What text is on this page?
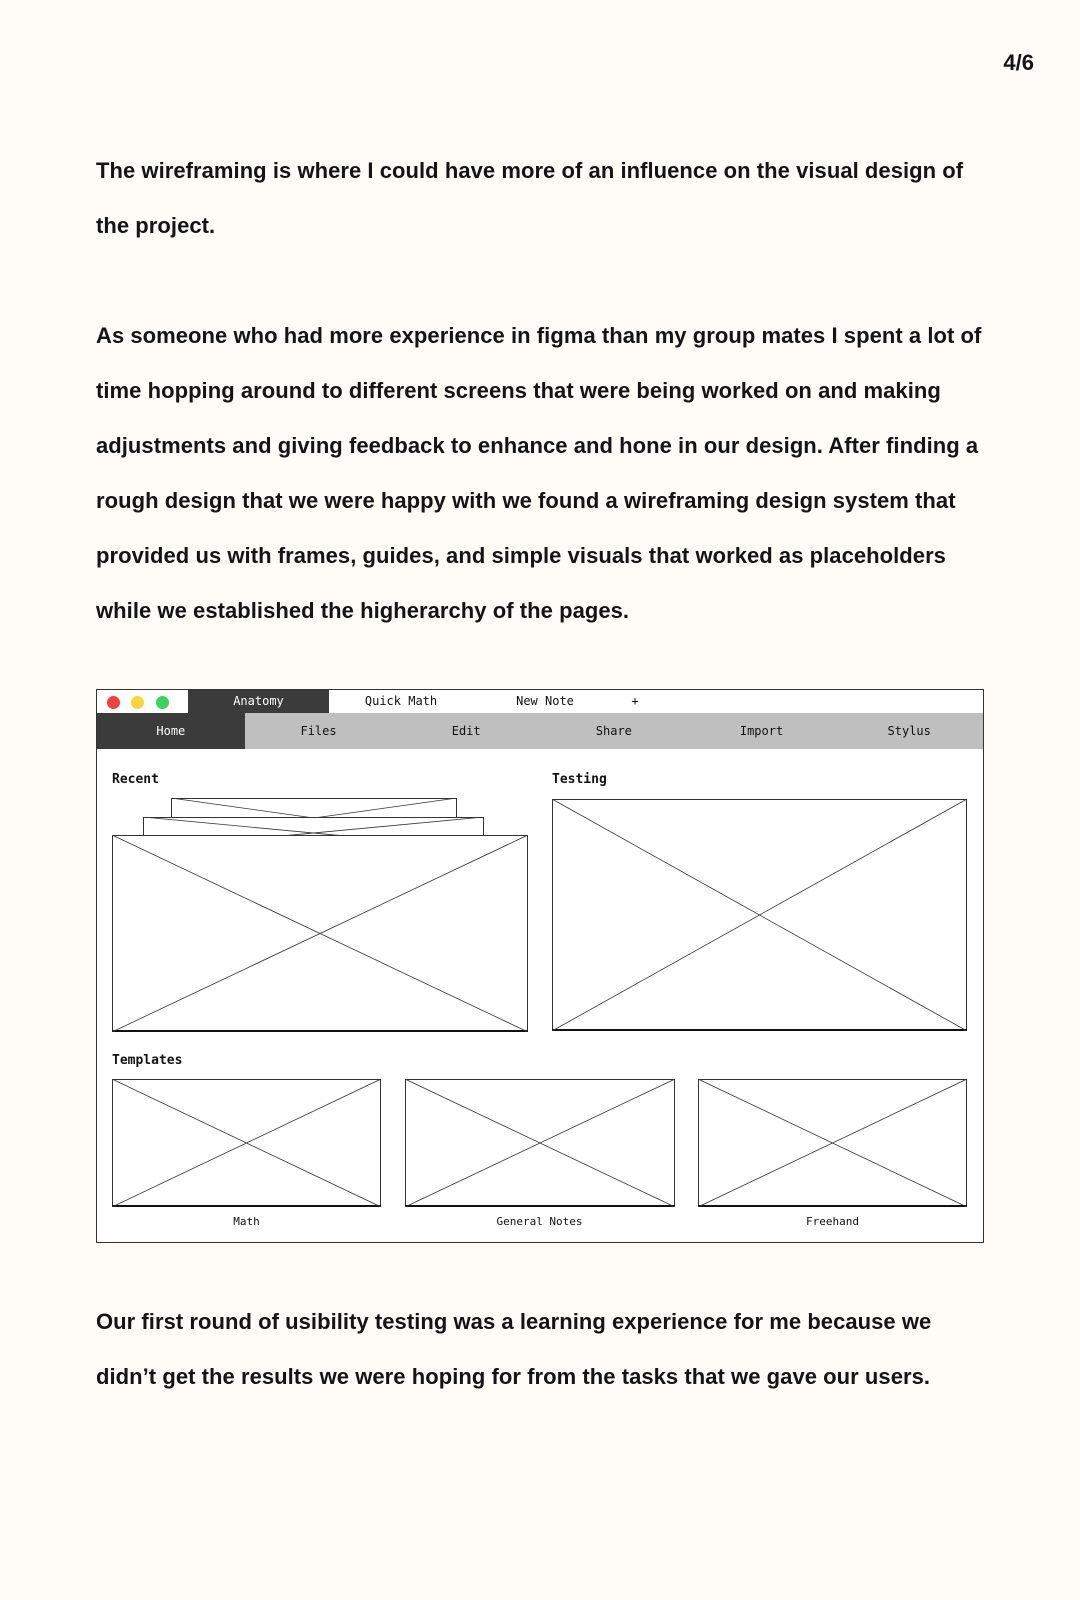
4/6

The wireframing is where I could have more of an influence on the visual design of the project.

As someone who had more experience in figma than my group mates I spent a lot of time hopping around to different screens that were being worked on and making adjustments and giving feedback to enhance and hone in our design. After finding a rough design that we were happy with we found a wireframing design system that provided us with frames, guides, and simple visuals that worked as placeholders while we established the higherarchy of the pages.

Anatomy	Quick Math	New Note	+
Home	Files	Edit	Share	Import	Stylus
Recent	Testing
Templates
Math	General Notes	Freehand

Our first round of usibility testing was a learning experience for me because we didn’t get the results we were hoping for from the tasks that we gave our users.
